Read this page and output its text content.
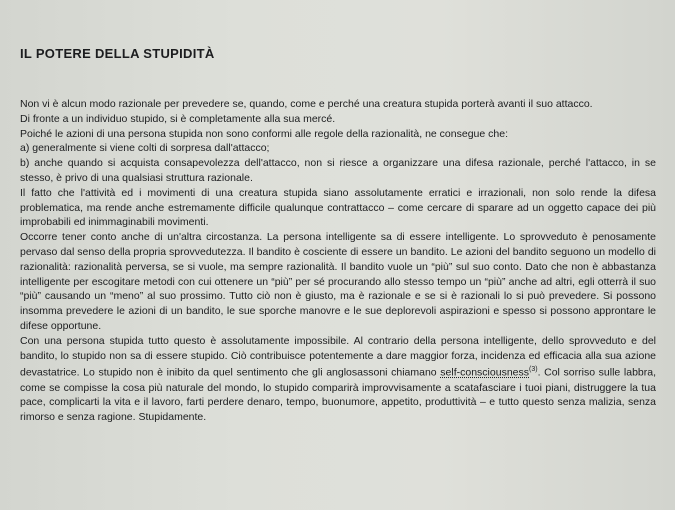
IL POTERE DELLA STUPIDITÀ

Non vi è alcun modo razionale per prevedere se, quando, come e perché una creatura stupida porterà avanti il suo attacco.

Di fronte a un individuo stupido, si è completamente alla sua mercé.

Poiché le azioni di una persona stupida non sono conformi alle regole della razionalità, ne consegue che:

a) generalmente si viene colti di sorpresa dall'attacco;

b) anche quando si acquista consapevolezza dell'attacco, non si riesce a organizzare una difesa razionale, perché l'attacco, in se stesso, è privo di una qualsiasi struttura razionale.

Il fatto che l'attività ed i movimenti di una creatura stupida siano assolutamente erratici e irrazionali, non solo rende la difesa problematica, ma rende anche estremamente difficile qualunque contrattacco – come cercare di sparare ad un oggetto capace dei più improbabili ed inimmaginabili movimenti.

Occorre tener conto anche di un'altra circostanza. La persona intelligente sa di essere intelligente. Lo sprovveduto è penosamente pervaso dal senso della propria sprovvedutezza. Il bandito è cosciente di essere un bandito. Le azioni del bandito seguono un modello di razionalità: razionalità perversa, se si vuole, ma sempre razionalità. Il bandito vuole un “più” sul suo conto. Dato che non è abbastanza intelligente per escogitare metodi con cui ottenere un “più” per sé procurando allo stesso tempo un “più” anche ad altri, egli otterrà il suo “più” causando un “meno” al suo prossimo. Tutto ciò non è giusto, ma è razionale e se si è razionali lo si può prevedere. Si possono insomma prevedere le azioni di un bandito, le sue sporche manovre e le sue deplorevoli aspirazioni e spesso si possono approntare le difese opportune.

Con una persona stupida tutto questo è assolutamente impossibile. Al contrario della persona intelligente, dello sprovveduto e del bandito, lo stupido non sa di essere stupido. Ciò contribuisce potentemente a dare maggior forza, incidenza ed efficacia alla sua azione devastatrice. Lo stupido non è inibito da quel sentimento che gli anglosassoni chiamano self-consciousness$^{(3)}$. Col sorriso sulle labbra, come se compisse la cosa più naturale del mondo, lo stupido comparirà improvvisamente a scatafasciare i tuoi piani, distruggere la tua pace, complicarti la vita e il lavoro, farti perdere denaro, tempo, buonumore, appetito, produttività – e tutto questo senza malizia, senza rimorso e senza ragione. Stupidamente.
